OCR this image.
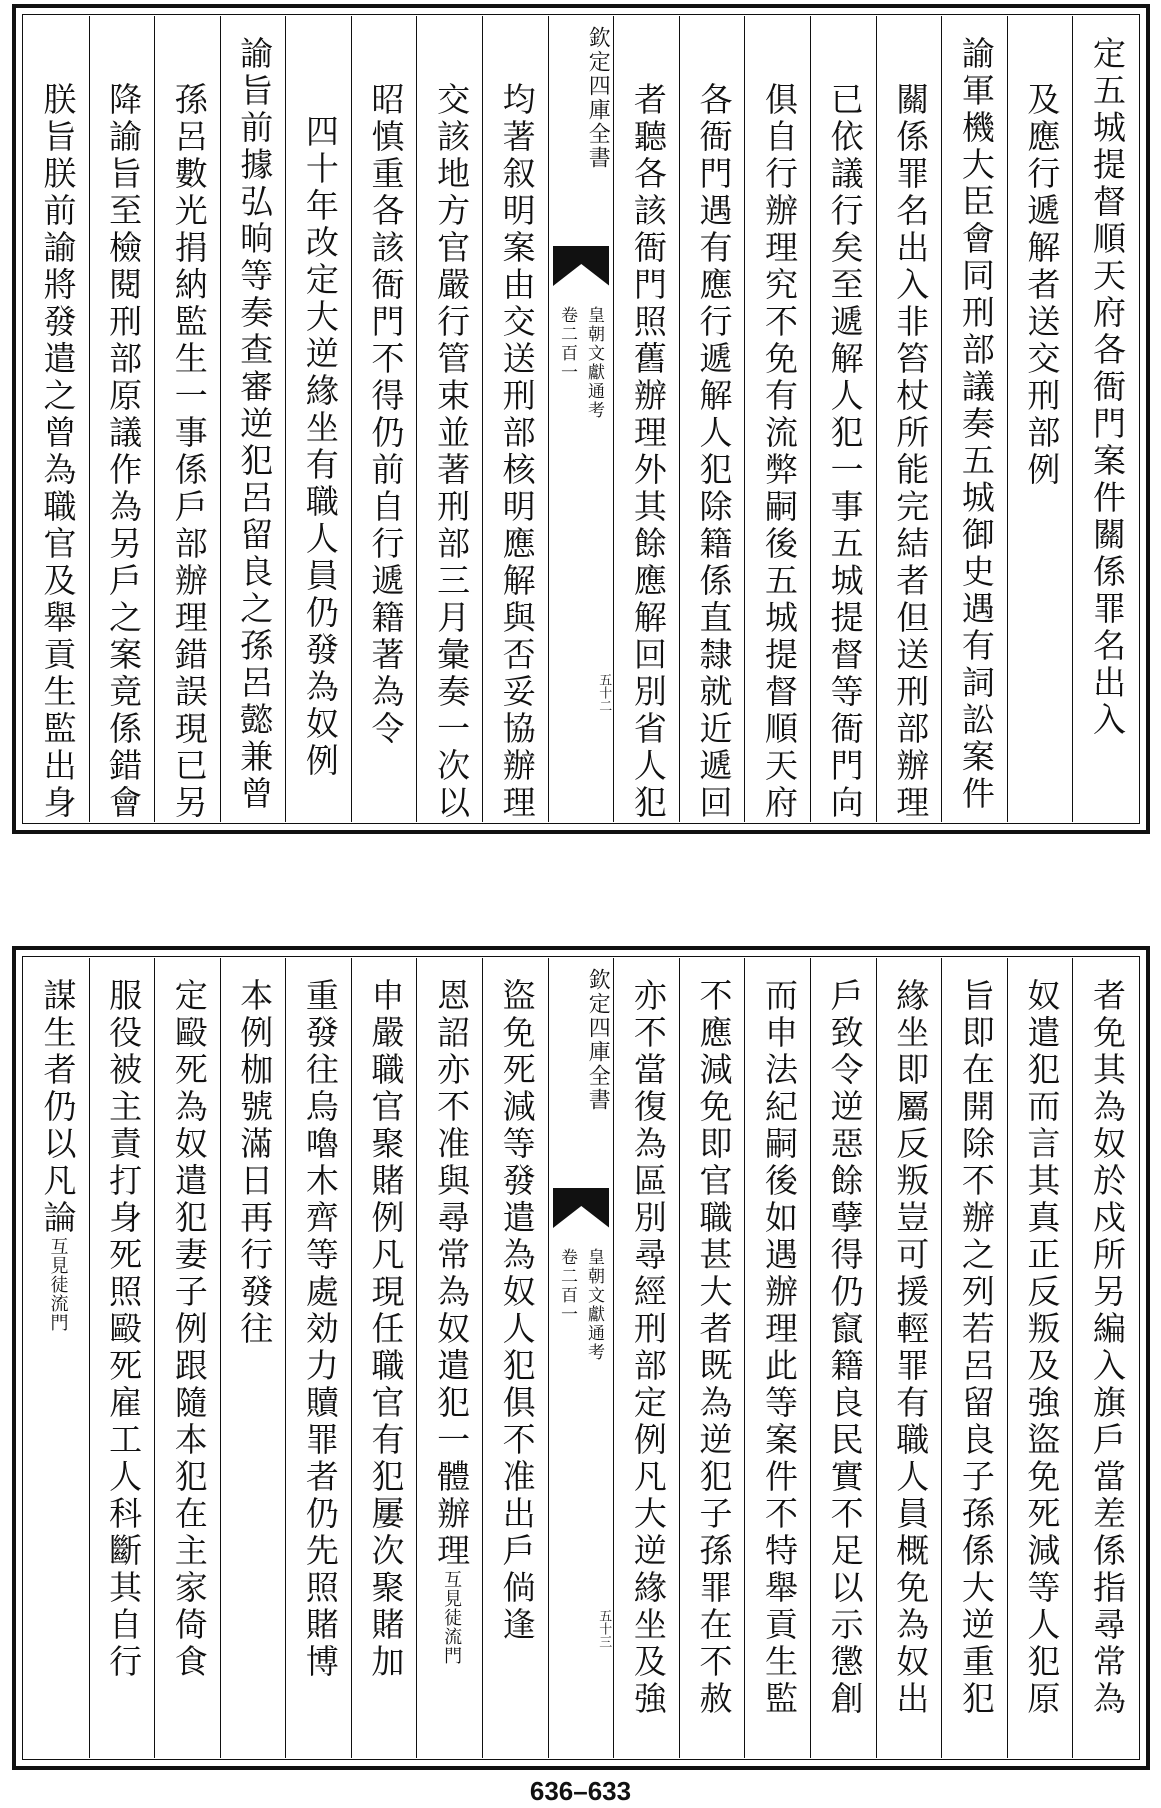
定五城提督順天府各衙門案件關係罪名出入
及應行遞解者送交刑部例
諭軍機大臣會同刑部議奏五城御史遇有詞訟案件
關係罪名出入非笞杖所能完結者但送刑部辦理
已依議行矣至遞解人犯一事五城提督等衙門向
俱自行辦理究不免有流弊嗣後五城提督順天府
各衙門遇有應行遞解人犯除籍係直隸就近遞回
者聽各該衙門照舊辦理外其餘應解回別省人犯
欽定四庫全書
皇朝文獻通考
卷二百一
五十二
均著叙明案由交送刑部核明應解與否妥協辦理
交該地方官嚴行管束並著刑部三月彙奏一次以
昭慎重各該衙門不得仍前自行遞籍著為令
四十年改定大逆緣坐有職人員仍發為奴例
諭旨前據弘晌等奏查審逆犯呂留良之孫呂懿兼曾
孫呂數光捐納監生一事係戶部辦理錯誤現已另
降諭旨至檢閱刑部原議作為另戶之案竟係錯會
朕旨朕前諭將發遣之曾為職官及舉貢生監出身
者免其為奴於戍所另編入旗戶當差係指尋常為
奴遣犯而言其真正反叛及強盜免死減等人犯原
旨即在開除不辦之列若呂留良子孫係大逆重犯
緣坐即屬反叛豈可援輕罪有職人員概免為奴出
戶致令逆惡餘孽得仍竄籍良民實不足以示懲創
而申法紀嗣後如遇辦理此等案件不特舉貢生監
不應減免即官職甚大者既為逆犯子孫罪在不赦
亦不當復為區別尋經刑部定例凡大逆緣坐及強
欽定四庫全書
皇朝文獻通考
卷二百一
五十三
盜免死減等發遣為奴人犯俱不准出戶倘逢
恩詔亦不准與尋常為奴遣犯一體辦理
互見徒流門
申嚴職官聚賭例凡現任職官有犯屢次聚賭加
重發往烏嚕木齊等處効力贖罪者仍先照賭博
本例枷號滿日再行發往
定毆死為奴遣犯妻子例跟隨本犯在主家倚食
服役被主責打身死照毆死雇工人科斷其自行
謀生者仍以凡論
互見徒流門
636–633
